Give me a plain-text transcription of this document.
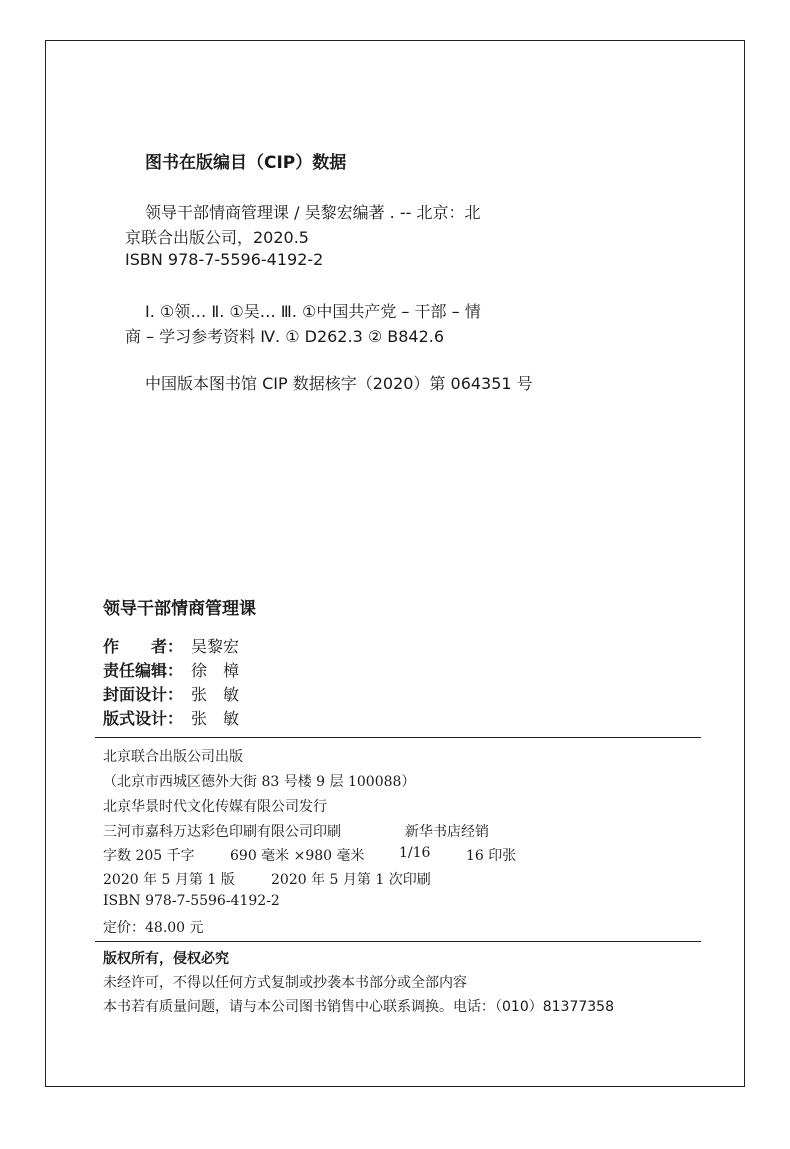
图书在版编目（CIP）数据
领导干部情商管理课 / 吴黎宏编著 . -- 北京：北
京联合出版公司，2020.5
ISBN 978-7-5596-4192-2
Ⅰ. ①领… Ⅱ. ①吴… Ⅲ. ①中国共产党 – 干部 – 情
商 – 学习参考资料 Ⅳ. ① D262.3 ② B842.6
中国版本图书馆 CIP 数据核字（2020）第 064351 号
领导干部情商管理课
作　　者： 吴黎宏
责任编辑： 徐　樟
封面设计： 张　敏
版式设计： 张　敏
北京联合出版公司出版
（北京市西城区德外大街 83 号楼 9 层 100088）
北京华景时代文化传媒有限公司发行
三河市嘉科万达彩色印刷有限公司印刷	新华书店经销
字数 205 千字	690 毫米 ×980 毫米 1/16	16 印张
2020 年 5 月第 1 版	2020 年 5 月第 1 次印刷
ISBN 978-7-5596-4192-2
定价：48.00 元
版权所有，侵权必究
未经许可，不得以任何方式复制或抄袭本书部分或全部内容
本书若有质量问题，请与本公司图书销售中心联系调换。电话：（010）81377358
